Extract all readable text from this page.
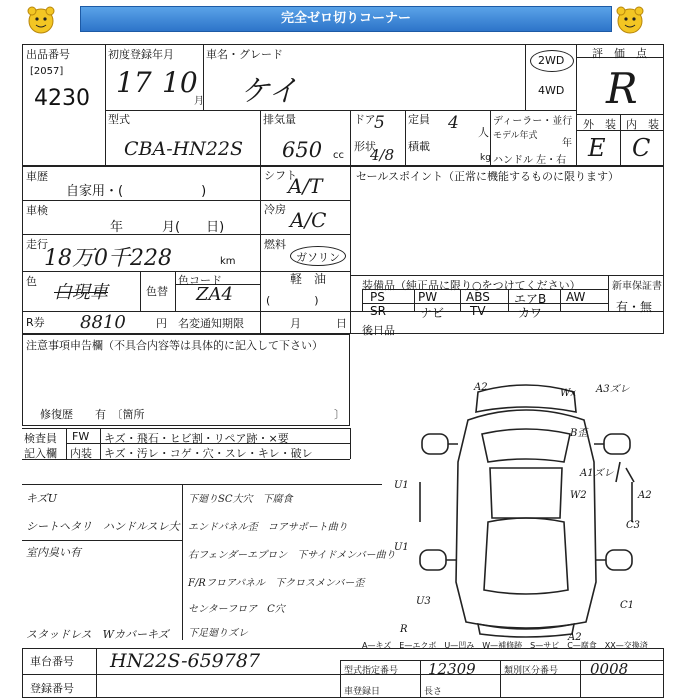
完全ゼロ切りコーナー
出品番号
[2057]
4230
初度登録年月
17 10
月
車名・グレード
ケイ
2WD
4WD
評　価　点
R
型式
CBA-HN22S
排気量
650 cc
ドア
5
形状
4/8
定員 4 人
積載
kg
ディーラー・並行
モデル年式
年
ハンドル 左・右
外　装 内　装
E C
車歴
自家用・(　　　　　　)
シフト
A/T	セールスポイント（正常に機能するものに限ります）
車検
年　　　月(　　日)
冷房 A/C
走行
18万0千228	km
燃料
ガソリン
軽　油
色
白現車	色替
色コード
ZA4	(　　　　)
装備品（純正品に限り○をつけてください）	新車保証書
有・無
PS	PW ABS エアB AW
SR	ナビ TV	カワ
R券 8810	円 名変通知期限	月	日
後日品
注意事項申告欄（不具合内容等は具体的に記入して下さい）
修復歴　　有　〔箇所	〕
検査員
記入欄
FW キズ・飛石・ヒビ割・リペア跡・×要
内装 キズ・汚レ・コゲ・穴・スレ・キレ・破レ
キズU
シートヘタリ　ハンドルスレ大
室内臭い有
スタッドレス　Wカバーキズ
下廻りSC大穴　下腐食
エンドパネル歪　コアサポート曲り
右フェンダーエプロン　下サイドメンバー曲り
F/Rフロアパネル　下クロスメンバー歪
センターフロア　C穴
下足廻りズレ
A2
Wx A3ズレ
B歪
A1ズレ
W2	A2
U1
C3
U1
U3	C1
R
A2
A—キズ　E—エクボ　U—凹み　W—補修跡　S—サビ　C—腐食　XX—交換済
車台番号 HN22S-659787
登録番号
型式指定番号 12309	類別区分番号 0008
車登録日	長さ
